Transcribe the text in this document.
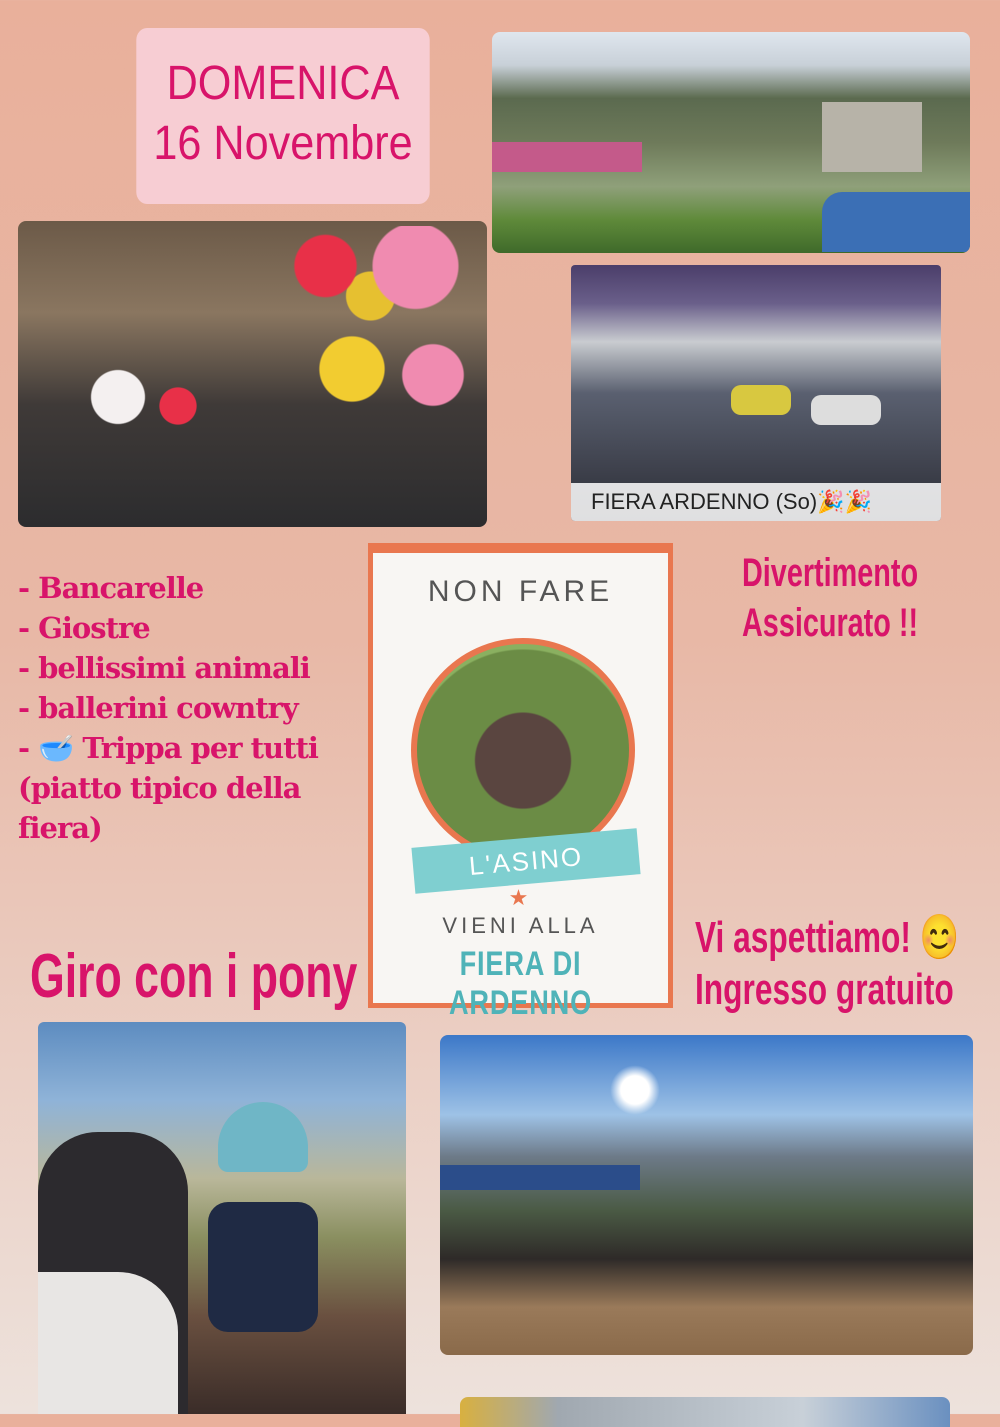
DOMENICA
16 Novembre
FIERA ARDENNO (So)🎉🎉
- Bancarelle
- Giostre
- bellissimi animali
- ballerini cowntry
- 🥣 Trippa per tutti
(piatto tipico della
fiera)
NON FARE
L'ASINO
★
VIENI ALLA
FIERA DI ARDENNO
Divertimento
Assicurato !!
Giro con i pony
Vi aspettiamo! 😊
Ingresso gratuito
